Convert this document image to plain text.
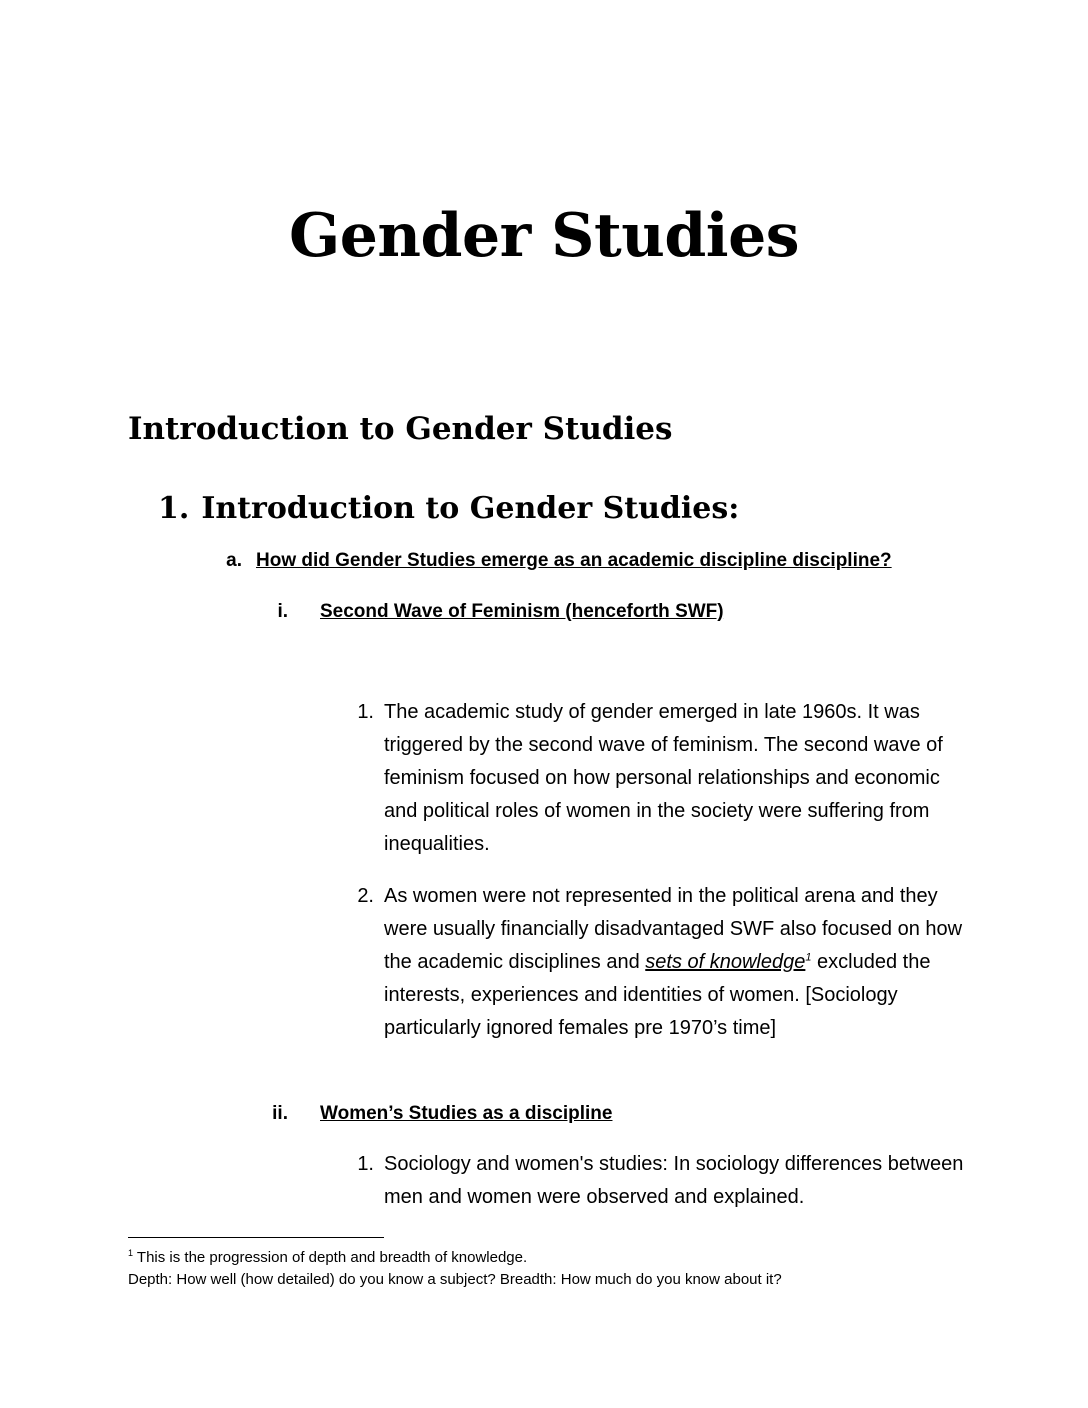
Gender Studies
Introduction to Gender Studies
1. Introduction to Gender Studies:
a. How did Gender Studies emerge as an academic discipline discipline?
i. Second Wave of Feminism (henceforth SWF)
1. The academic study of gender emerged in late 1960s. It was triggered by the second wave of feminism. The second wave of feminism focused on how personal relationships and economic and political roles of women in the society were suffering from inequalities.
2. As women were not represented in the political arena and they were usually financially disadvantaged SWF also focused on how the academic disciplines and sets of knowledge$^1$ excluded the interests, experiences and identities of women. [Sociology particularly ignored females pre 1970’s time]
ii. Women’s Studies as a discipline
1. Sociology and women's studies: In sociology differences between men and women were observed and explained.
$^1$ This is the progression of depth and breadth of knowledge.
Depth: How well (how detailed) do you know a subject? Breadth: How much do you know about it?
